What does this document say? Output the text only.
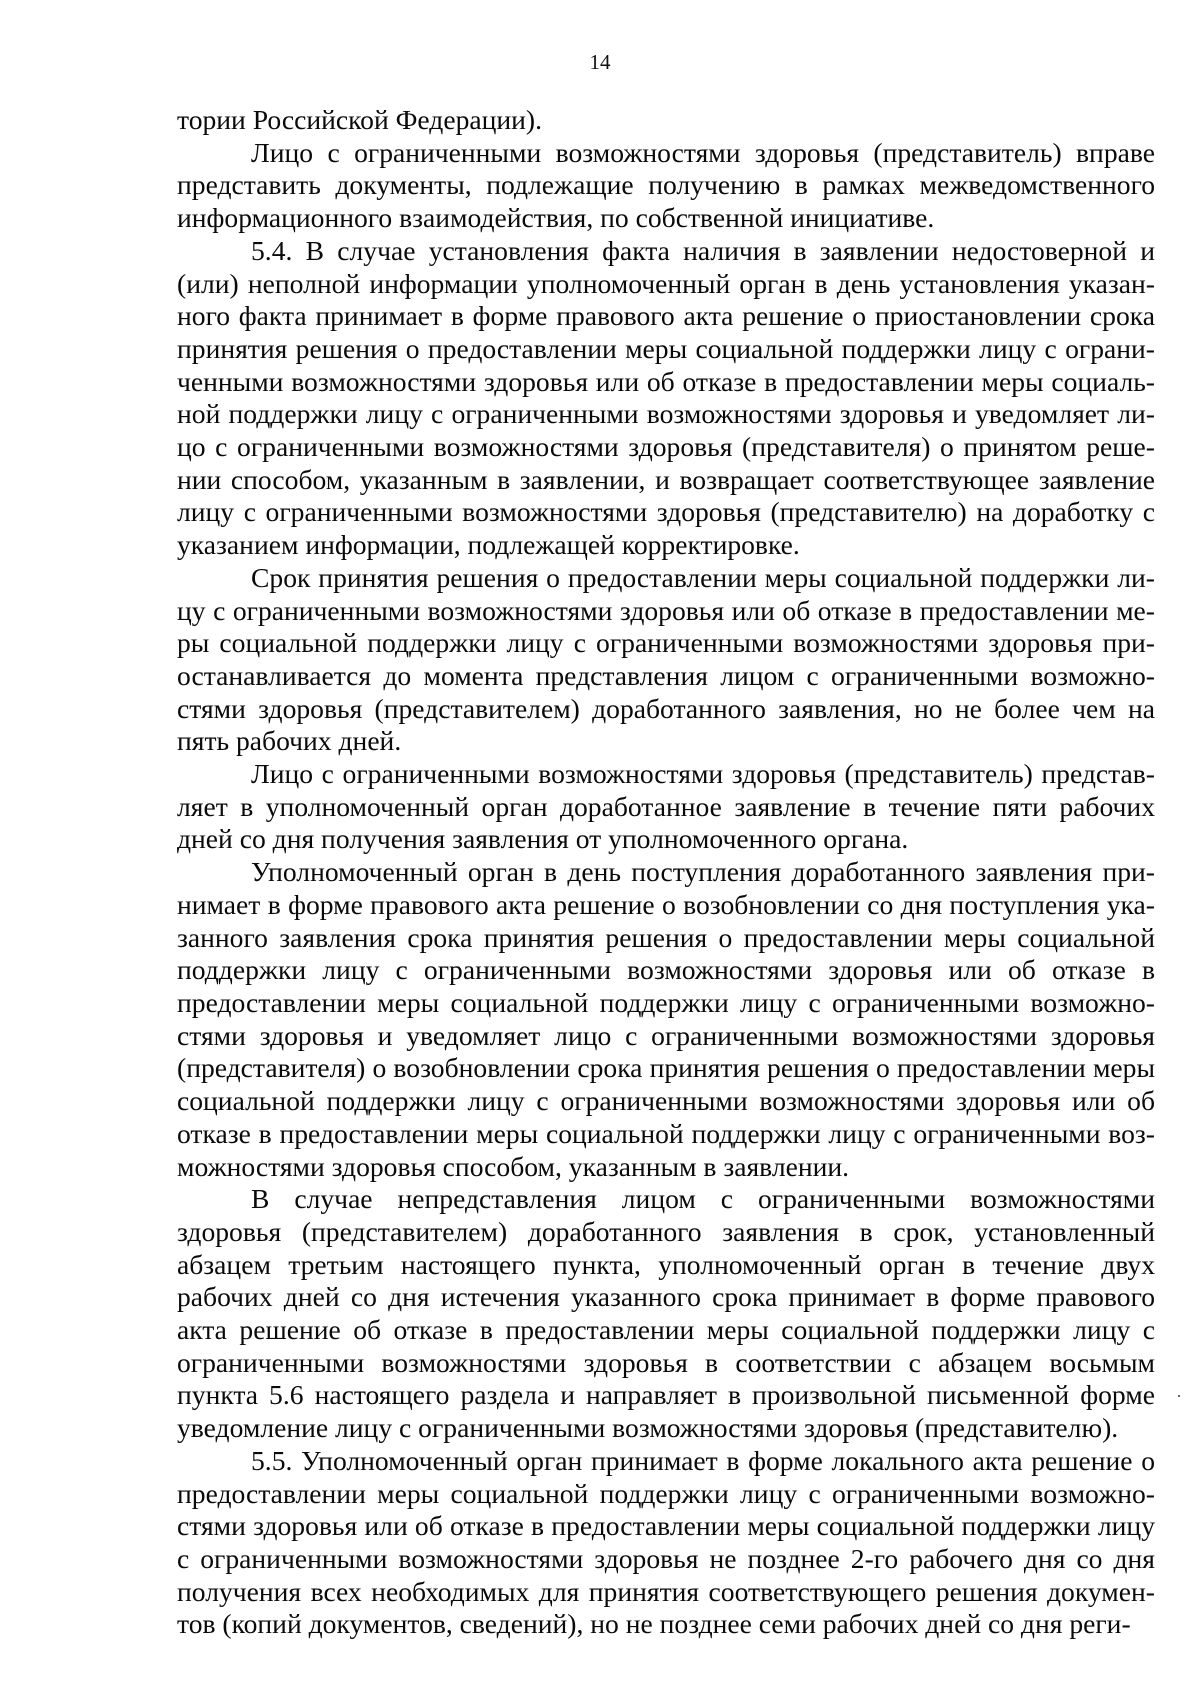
14

тории Российской Федерации).

Лицо с ограниченными возможностями здоровья (представитель) вправе представить документы, подлежащие получению в рамках межведомственного информационного взаимодействия, по собственной инициативе.

5.4. В случае установления факта наличия в заявлении недостоверной и (или) неполной информации уполномоченный орган в день установления указанного факта принимает в форме правового акта решение о приостановлении срока принятия решения о предоставлении меры социальной поддержки лицу с ограниченными возможностями здоровья или об отказе в предоставлении меры социальной поддержки лицу с ограниченными возможностями здоровья и уведомляет лицо с ограниченными возможностями здоровья (представителя) о принятом решении способом, указанным в заявлении, и возвращает соответствующее заявление лицу с ограниченными возможностями здоровья (представителю) на доработку с указанием информации, подлежащей корректировке.

Срок принятия решения о предоставлении меры социальной поддержки лицу с ограниченными возможностями здоровья или об отказе в предоставлении меры социальной поддержки лицу с ограниченными возможностями здоровья приостанавливается до момента представления лицом с ограниченными возможностями здоровья (представителем) доработанного заявления, но не более чем на пять рабочих дней.

Лицо с ограниченными возможностями здоровья (представитель) представляет в уполномоченный орган доработанное заявление в течение пяти рабочих дней со дня получения заявления от уполномоченного органа.

Уполномоченный орган в день поступления доработанного заявления принимает в форме правового акта решение о возобновлении со дня поступления указанного заявления срока принятия решения о предоставлении меры социальной поддержки лицу с ограниченными возможностями здоровья или об отказе в предоставлении меры социальной поддержки лицу с ограниченными возможностями здоровья и уведомляет лицо с ограниченными возможностями здоровья (представителя) о возобновлении срока принятия решения о предоставлении меры социальной поддержки лицу с ограниченными возможностями здоровья или об отказе в предоставлении меры социальной поддержки лицу с ограниченными возможностями здоровья способом, указанным в заявлении.

В случае непредставления лицом с ограниченными возможностями здоровья (представителем) доработанного заявления в срок, установленный абзацем третьим настоящего пункта, уполномоченный орган в течение двух рабочих дней со дня истечения указанного срока принимает в форме правового акта решение об отказе в предоставлении меры социальной поддержки лицу с ограниченными возможностями здоровья в соответствии с абзацем восьмым пункта 5.6 настоящего раздела и направляет в произвольной письменной форме уведомление лицу с ограниченными возможностями здоровья (представителю).

5.5. Уполномоченный орган принимает в форме локального акта решение о предоставлении меры социальной поддержки лицу с ограниченными возможностями здоровья или об отказе в предоставлении меры социальной поддержки лицу с ограниченными возможностями здоровья не позднее 2-го рабочего дня со дня получения всех необходимых для принятия соответствующего решения документов (копий документов, сведений), но не позднее семи рабочих дней со дня реги-
